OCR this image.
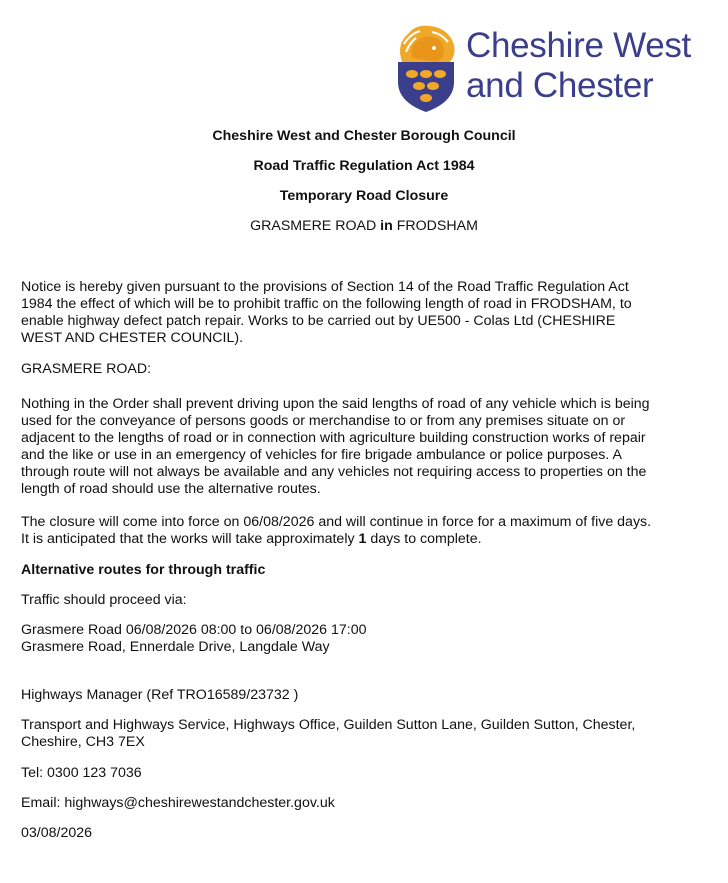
Cheshire West
and Chester
Cheshire West and Chester Borough Council
Road Traffic Regulation Act 1984
Temporary Road Closure
GRASMERE ROAD in FRODSHAM
Notice is hereby given pursuant to the provisions of Section 14 of the Road Traffic Regulation Act
1984 the effect of which will be to prohibit traffic on the following length of road in FRODSHAM, to
enable highway defect patch repair. Works to be carried out by UE500 - Colas Ltd (CHESHIRE
WEST AND CHESTER COUNCIL).
GRASMERE ROAD:
Nothing in the Order shall prevent driving upon the said lengths of road of any vehicle which is being
used for the conveyance of persons goods or merchandise to or from any premises situate on or
adjacent to the lengths of road or in connection with agriculture building construction works of repair
and the like or use in an emergency of vehicles for fire brigade ambulance or police purposes. A
through route will not always be available and any vehicles not requiring access to properties on the
length of road should use the alternative routes.
The closure will come into force on 06/08/2026 and will continue in force for a maximum of five days.
It is anticipated that the works will take approximately 1 days to complete.
Alternative routes for through traffic
Traffic should proceed via:
Grasmere Road 06/08/2026 08:00 to 06/08/2026 17:00
Grasmere Road, Ennerdale Drive, Langdale Way
Highways Manager (Ref TRO16589/23732 )
Transport and Highways Service, Highways Office, Guilden Sutton Lane, Guilden Sutton, Chester,
Cheshire, CH3 7EX
Tel: 0300 123 7036
Email: highways@cheshirewestandchester.gov.uk
03/08/2026
